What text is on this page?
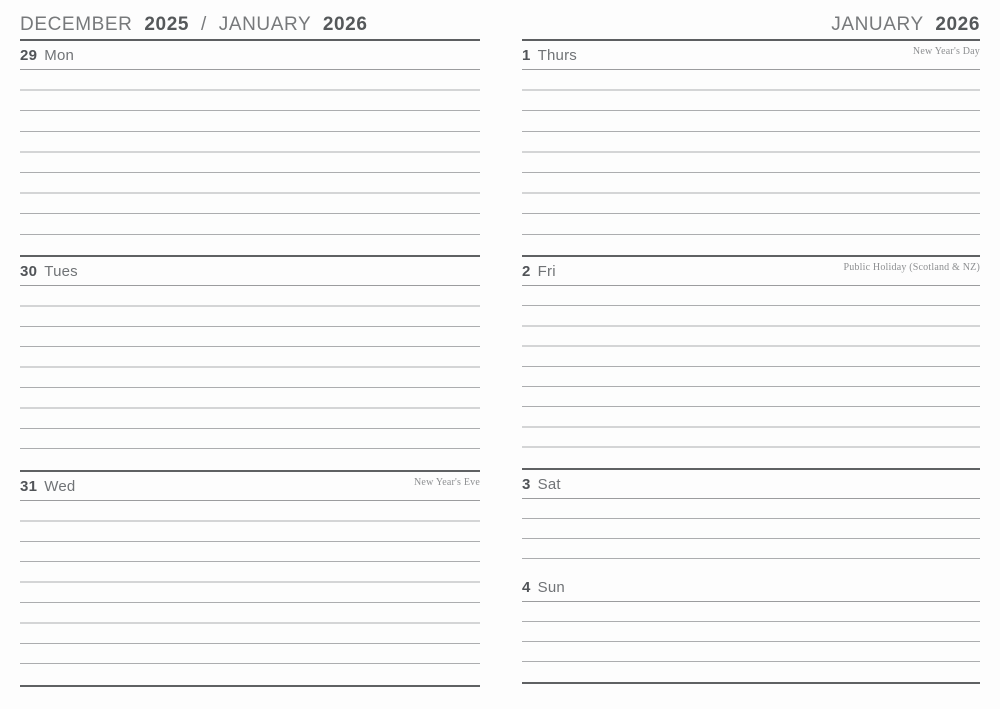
DECEMBER 2025 / JANUARY 2026
29 Mon
30 Tues
31 Wed	New Year's Eve
JANUARY 2026
1 Thurs	New Year's Day
2 Fri	Public Holiday (Scotland & NZ)
3 Sat
4 Sun
